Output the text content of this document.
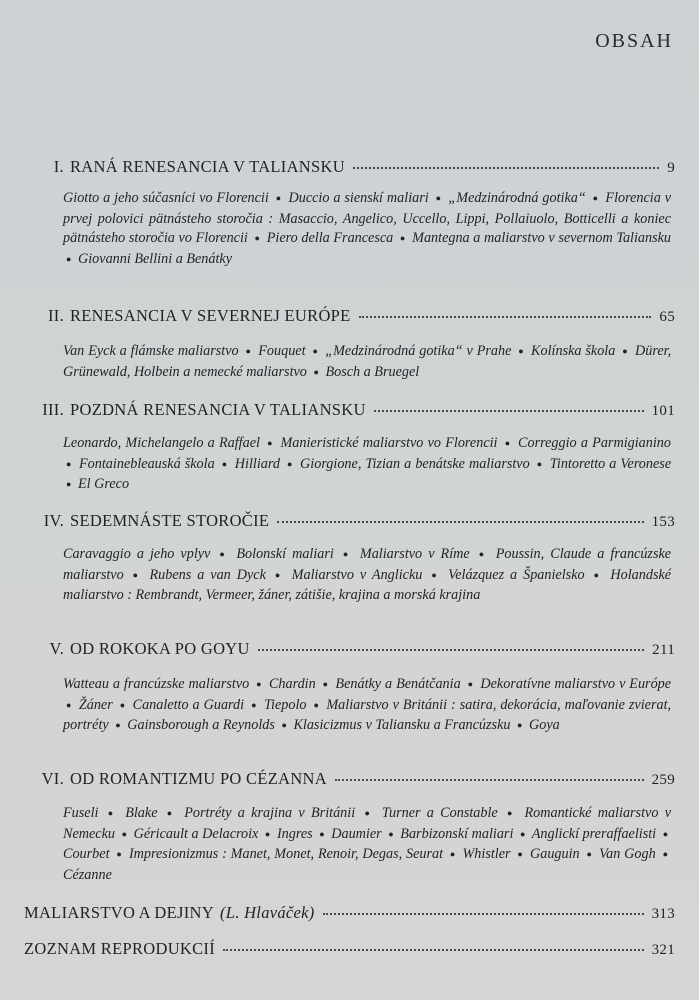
OBSAH
I. RANÁ RENESANCIA V TALIANSKU	9
Giotto a jeho súčasníci vo Florencii ● Duccio a sienskí maliari ● „Medzinárodná gotika“ ● Florencia v prvej polovici pätnásteho storočia : Masaccio, Angelico, Uccello, Lippi, Pollaiuolo, Botticelli a koniec pätnásteho storočia vo Florencii ● Piero della Francesca ● Mantegna a maliarstvo v severnom Taliansku ● Giovanni Bellini a Benátky
II. RENESANCIA V SEVERNEJ EURÓPE	65
Van Eyck a flámske maliarstvo ● Fouquet ● „Medzinárodná gotika“ v Prahe ● Kolínska škola ● Dürer, Grünewald, Holbein a nemecké maliarstvo ● Bosch a Bruegel
III. POZDNÁ RENESANCIA V TALIANSKU	101
Leonardo, Michelangelo a Raffael ● Manieristické maliarstvo vo Florencii ● Correggio a Parmigianino ● Fontainebleauská škola ● Hilliard ● Giorgione, Tizian a benátske maliarstvo ● Tintoretto a Veronese ● El Greco
IV. SEDEMNÁSTE STOROČIE	153
Caravaggio a jeho vplyv ● Bolonskí maliari ● Maliarstvo v Ríme ● Poussin, Claude a francúzske maliarstvo ● Rubens a van Dyck ● Maliarstvo v Anglicku ● Velázquez a Španielsko ● Holandské maliarstvo : Rembrandt, Vermeer, žáner, zátišie, krajina a morská krajina
V. OD ROKOKA PO GOYU	211
Watteau a francúzske maliarstvo ● Chardin ● Benátky a Benátčania ● Dekoratívne maliarstvo v Európe ● Žáner ● Canaletto a Guardi ● Tiepolo ● Maliarstvo v Británii : satira, dekorácia, maľovanie zvierat, portréty ● Gainsborough a Reynolds ● Klasicizmus v Taliansku a Francúzsku ● Goya
VI. OD ROMANTIZMU PO CÉZANNA	259
Fuseli ● Blake ● Portréty a krajina v Británii ● Turner a Constable ● Romantické maliarstvo v Nemecku ● Géricault a Delacroix ● Ingres ● Daumier ● Barbizonskí maliari ● Anglickí preraffaelisti ● Courbet ● Impresionizmus : Manet, Monet, Renoir, Degas, Seurat ● Whistler ● Gauguin ● Van Gogh ● Cézanne
MALIARSTVO A DEJINY (L. Hlaváček)	313
ZOZNAM REPRODUKCIÍ	321
